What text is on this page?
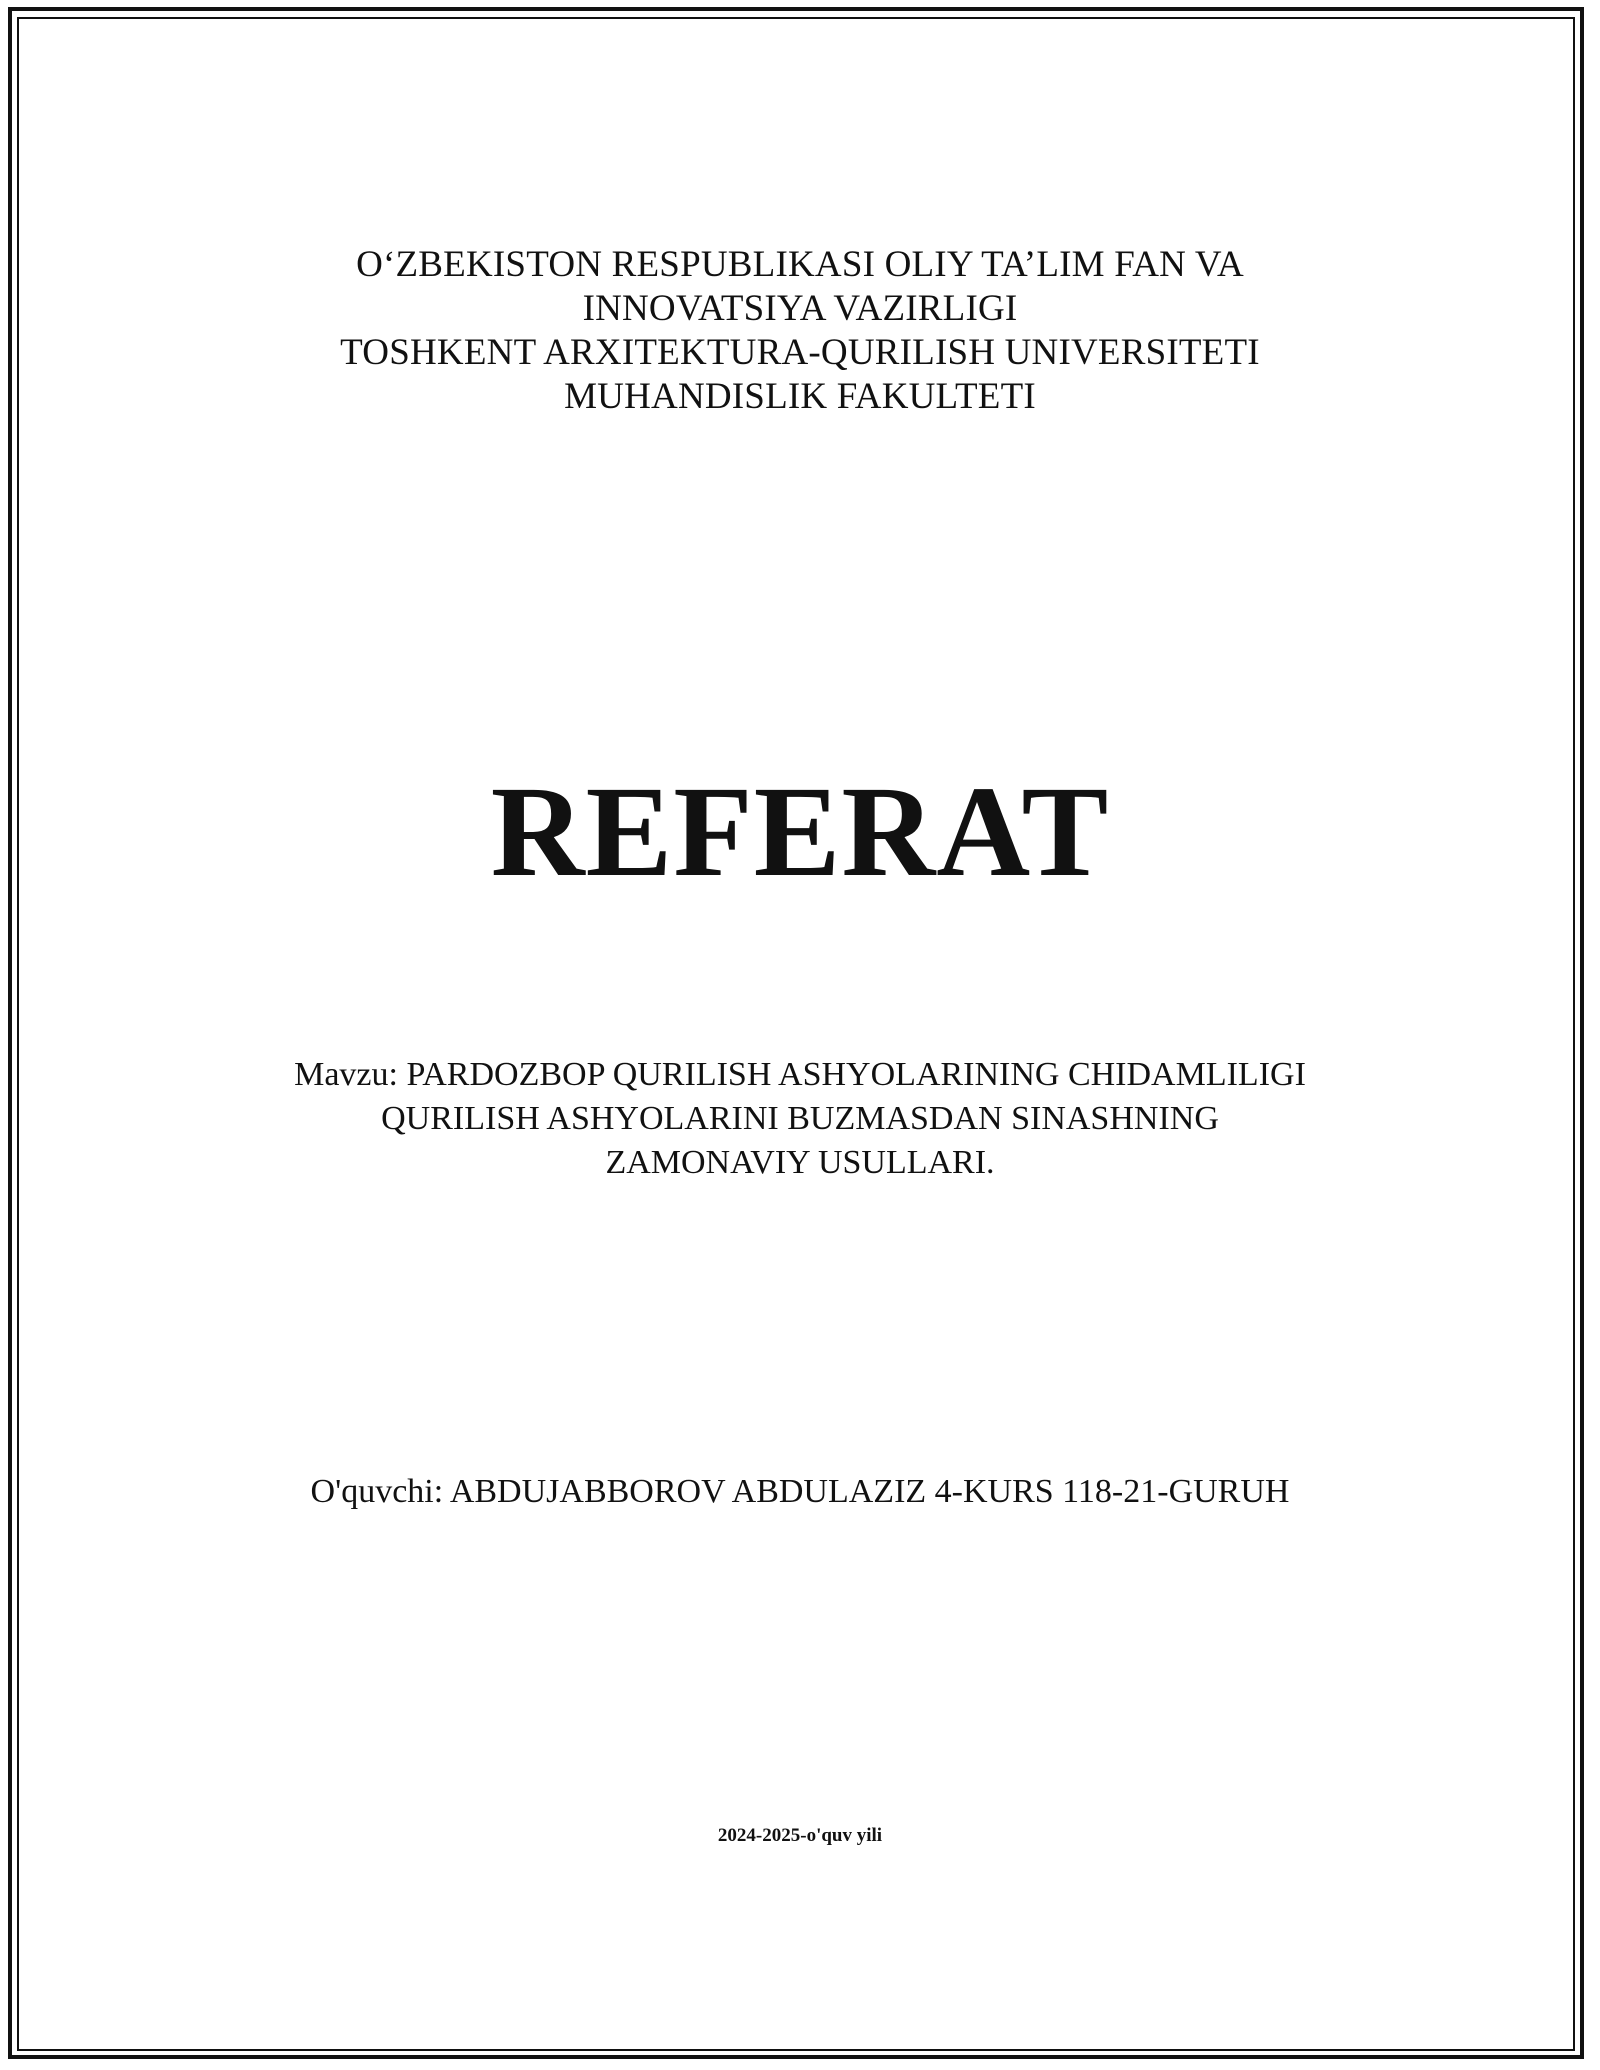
O‘ZBEKISTON RESPUBLIKASI OLIY TA’LIM FAN VA
INNOVATSIYA VAZIRLIGI
TOSHKENT ARXITEKTURA-QURILISH UNIVERSITETI
MUHANDISLIK FAKULTETI
REFERAT
Mavzu: PARDOZBOP QURILISH ASHYOLARINING CHIDAMLILIGI
QURILISH ASHYOLARINI BUZMASDAN SINASHNING
ZAMONAVIY USULLARI.
O'quvchi: ABDUJABBOROV ABDULAZIZ 4-KURS 118-21-GURUH
2024-2025-o'quv yili
